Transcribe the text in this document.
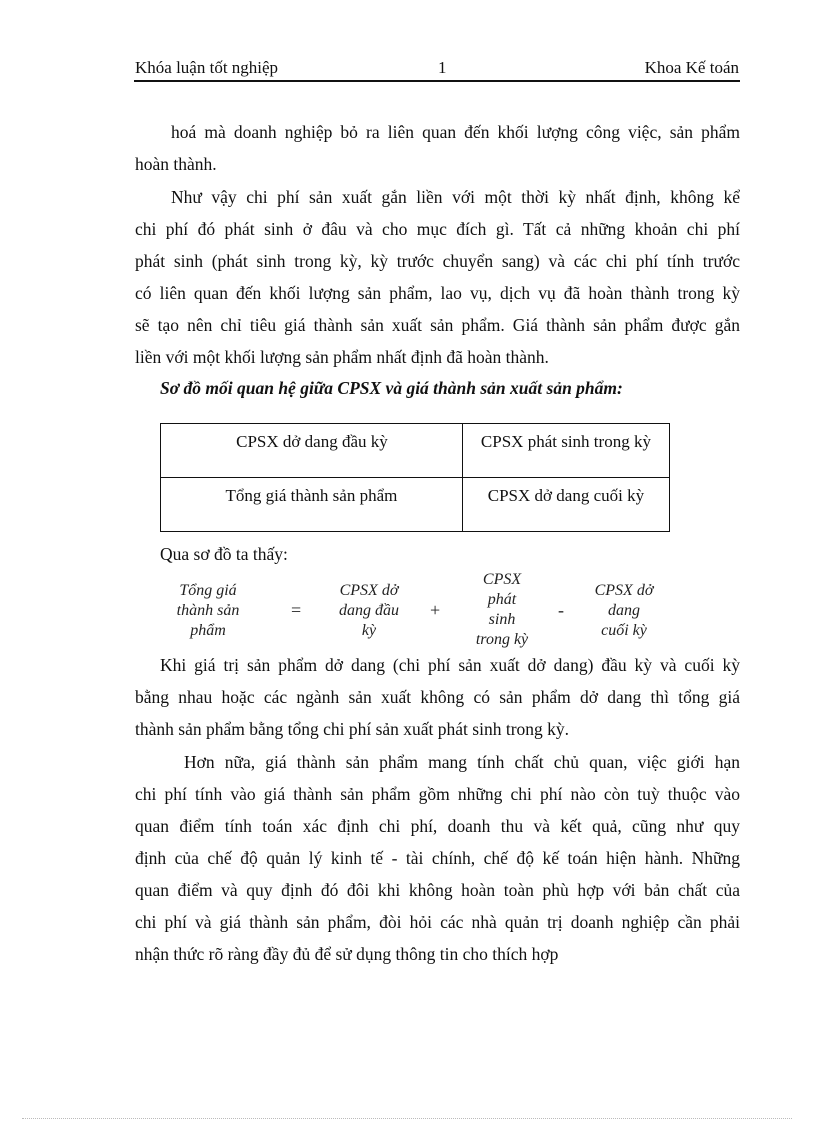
Khóa luận tốt nghiệp	1	Khoa Kế toán
hoá mà doanh nghiệp bỏ ra liên quan đến khối lượng công việc, sản phẩm
hoàn thành.
Như vậy chi phí sản xuất gắn liền với một thời kỳ nhất định, không kể
chi phí đó phát sinh ở đâu và cho mục đích gì. Tất cả những khoản chi phí
phát sinh (phát sinh trong kỳ, kỳ trước chuyển sang) và các chi phí tính trước
có liên quan đến khối lượng sản phẩm, lao vụ, dịch vụ đã hoàn thành trong kỳ
sẽ tạo nên chỉ tiêu giá thành sản xuất sản phẩm. Giá thành sản phẩm được gắn
liền với một khối lượng sản phẩm nhất định đã hoàn thành.
Sơ đồ mối quan hệ giữa CPSX và giá thành sản xuất sản phẩm:
CPSX dở dang đầu kỳ		CPSX phát sinh trong kỳ
Tổng giá thành sản phẩm		CPSX dở dang cuối kỳ

Qua sơ đồ ta thấy:
Tổng giá
thành sản
phẩm
=
CPSX dở
dang đầu
kỳ
+
CPSX
phát
sinh
trong kỳ
-
CPSX dở
dang
cuối kỳ
Khi giá trị sản phẩm dở dang (chi phí sản xuất dở dang) đầu kỳ và cuối kỳ
bằng nhau hoặc các ngành sản xuất không có sản phẩm dở dang thì tổng giá
thành sản phẩm bằng tổng chi phí sản xuất phát sinh trong kỳ.
Hơn nữa, giá thành sản phẩm mang tính chất chủ quan, việc giới hạn
chi phí tính vào giá thành sản phẩm gồm những chi phí nào còn tuỳ thuộc vào
quan điểm tính toán xác định chi phí, doanh thu và kết quả, cũng như quy
định của chế độ quản lý kinh tế - tài chính, chế độ kế toán hiện hành. Những
quan điểm và quy định đó đôi khi không hoàn toàn phù hợp với bản chất của
chi phí và giá thành sản phẩm, đòi hỏi các nhà quản trị doanh nghiệp cần phải
nhận thức rõ ràng đầy đủ để sử dụng thông tin cho thích hợp
